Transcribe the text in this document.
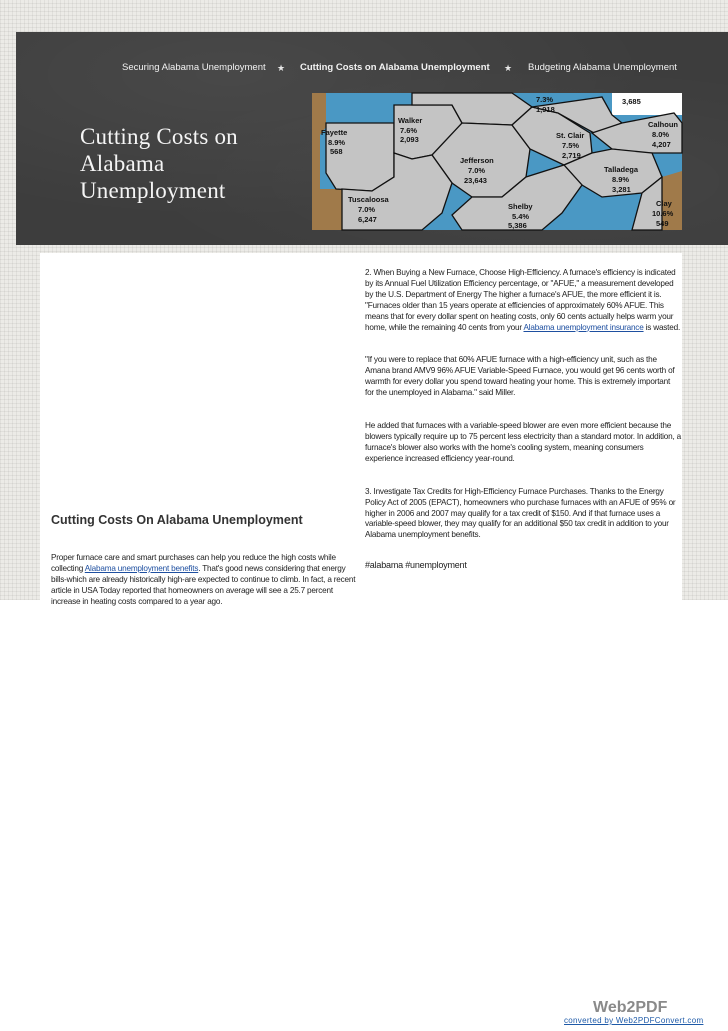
Securing Alabama Unemployment ★ Cutting Costs on Alabama Unemployment ★ Budgeting Alabama Unemployment
Cutting Costs on Alabama Unemployment
7.3%
1,918
3,685
Walker
7.6%
2,093
Fayette
8.9%
568
Jefferson
7.0%
23,643
St. Clair
7.5%
2,719
Calhoun
8.0%
4,207
Talladega
8.9%
3,281
Tuscaloosa
7.0%
6,247
Shelby
5.4%
5,386
Clay
10.6%
549

2. When Buying a New Furnace, Choose High-Efficiency. A furnace's efficiency is indicated by its Annual Fuel Utilization Efficiency percentage, or "AFUE," a measurement developed by the U.S. Department of Energy The higher a furnace's AFUE, the more efficient it is. "Furnaces older than 15 years operate at efficiencies of approximately 60% AFUE. This means that for every dollar spent on heating costs, only 60 cents actually helps warm your home, while the remaining 40 cents from your Alabama unemployment insurance is wasted.

"If you were to replace that 60% AFUE furnace with a high-efficiency unit, such as the Amana brand AMV9 96% AFUE Variable-Speed Furnace, you would get 96 cents worth of warmth for every dollar you spend toward heating your home. This is extremely important for the unemployed in Alabama." said Miller.

He added that furnaces with a variable-speed blower are even more efficient because the blowers typically require up to 75 percent less electricity than a standard motor. In addition, a furnace's blower also works with the home's cooling system, meaning consumers experience increased efficiency year-round.

3. Investigate Tax Credits for High-Efficiency Furnace Purchases. Thanks to the Energy Policy Act of 2005 (EPACT), homeowners who purchase furnaces with an AFUE of 95% or higher in 2006 and 2007 may qualify for a tax credit of $150. And if that furnace uses a variable-speed blower, they may qualify for an additional $50 tax credit in addition to your Alabama unemployment benefits.

#alabama #unemployment

Cutting Costs On Alabama Unemployment

Proper furnace care and smart purchases can help you reduce the high costs while collecting Alabama unemployment benefits. That's good news considering that energy bills-which are already historically high-are expected to continue to climb. In fact, a recent article in USA Today reported that homeowners on average will see a 25.7 percent increase in heating costs compared to a year ago.

Web2PDF
converted by Web2PDFConvert.com
